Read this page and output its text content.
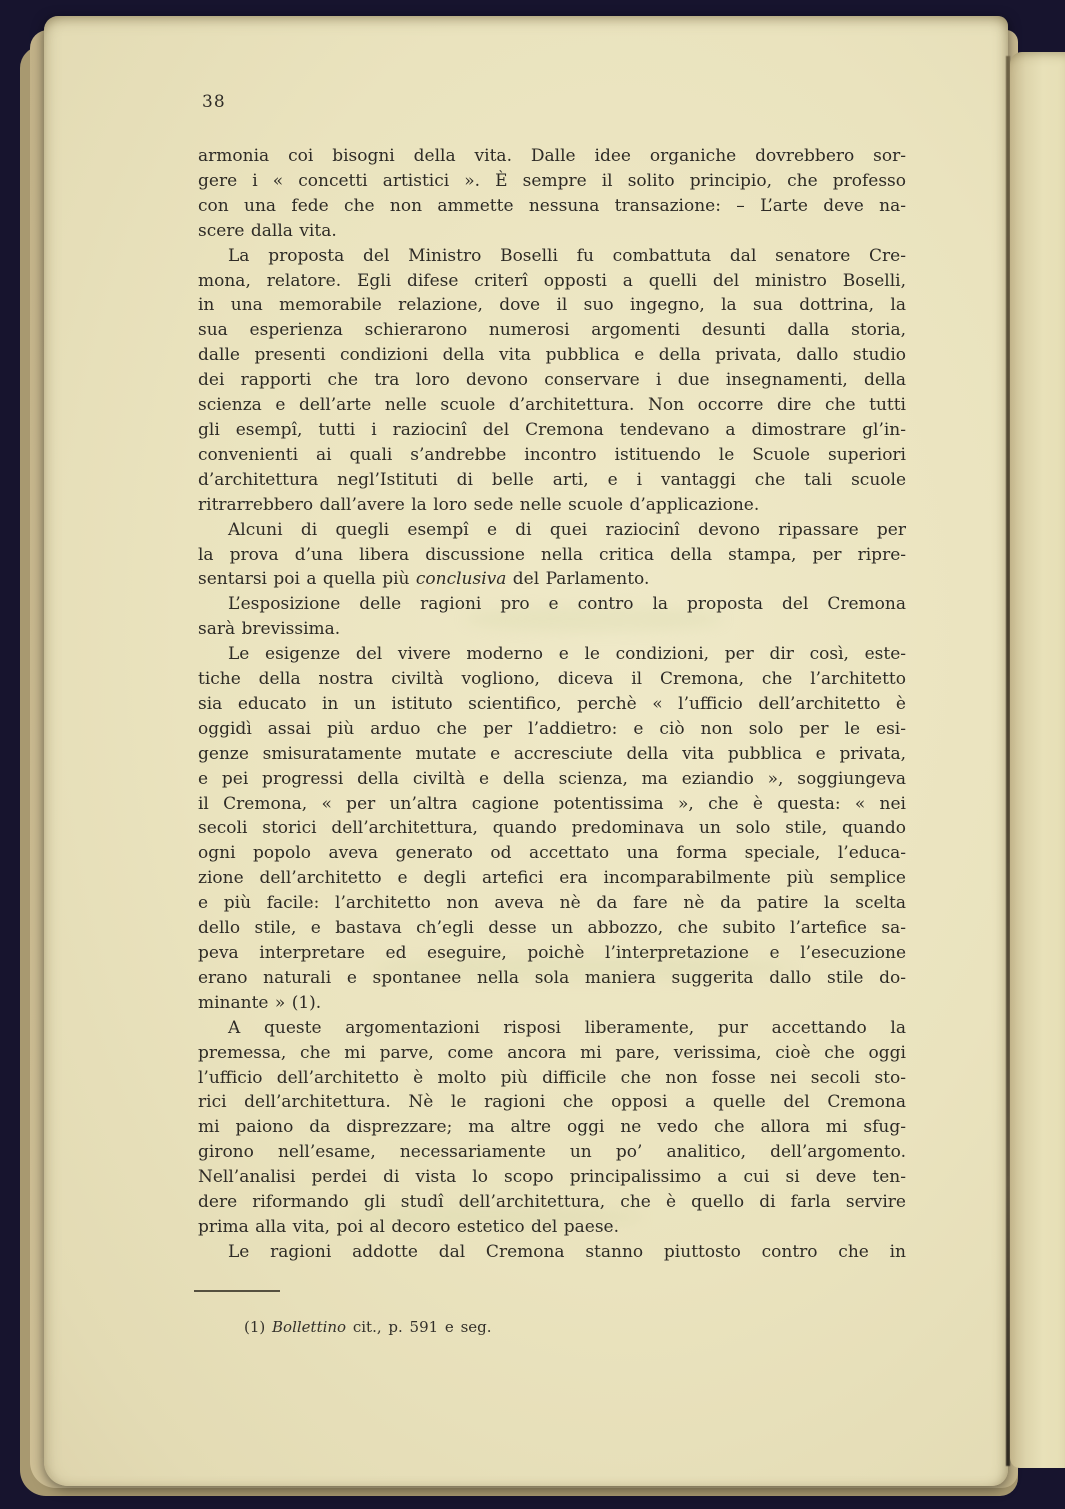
38
armonia coi bisogni della vita. Dalle idee organiche dovrebbero sor-
gere i « concetti artistici ». È sempre il solito principio, che professo
con una fede che non ammette nessuna transazione: – L’arte deve na-
scere dalla vita.
La proposta del Ministro Boselli fu combattuta dal senatore Cre-
mona, relatore. Egli difese criterî opposti a quelli del ministro Boselli,
in una memorabile relazione, dove il suo ingegno, la sua dottrina, la
sua esperienza schierarono numerosi argomenti desunti dalla storia,
dalle presenti condizioni della vita pubblica e della privata, dallo studio
dei rapporti che tra loro devono conservare i due insegnamenti, della
scienza e dell’arte nelle scuole d’architettura. Non occorre dire che tutti
gli esempî, tutti i raziocinî del Cremona tendevano a dimostrare gl’in-
convenienti ai quali s’andrebbe incontro istituendo le Scuole superiori
d’architettura negl’Istituti di belle arti, e i vantaggi che tali scuole
ritrarrebbero dall’avere la loro sede nelle scuole d’applicazione.
Alcuni di quegli esempî e di quei raziocinî devono ripassare per
la prova d’una libera discussione nella critica della stampa, per ripre-
sentarsi poi a quella più conclusiva del Parlamento.
L’esposizione delle ragioni pro e contro la proposta del Cremona
sarà brevissima.
Le esigenze del vivere moderno e le condizioni, per dir così, este-
tiche della nostra civiltà vogliono, diceva il Cremona, che l’architetto
sia educato in un istituto scientifico, perchè « l’ufficio dell’architetto è
oggidì assai più arduo che per l’addietro: e ciò non solo per le esi-
genze smisuratamente mutate e accresciute della vita pubblica e privata,
e pei progressi della civiltà e della scienza, ma eziandio », soggiungeva
il Cremona, « per un’altra cagione potentissima », che è questa: « nei
secoli storici dell’architettura, quando predominava un solo stile, quando
ogni popolo aveva generato od accettato una forma speciale, l’educa-
zione dell’architetto e degli artefici era incomparabilmente più semplice
e più facile: l’architetto non aveva nè da fare nè da patire la scelta
dello stile, e bastava ch’egli desse un abbozzo, che subito l’artefice sa-
peva interpretare ed eseguire, poichè l’interpretazione e l’esecuzione
erano naturali e spontanee nella sola maniera suggerita dallo stile do-
minante » (1).
A queste argomentazioni risposi liberamente, pur accettando la
premessa, che mi parve, come ancora mi pare, verissima, cioè che oggi
l’ufficio dell’architetto è molto più difficile che non fosse nei secoli sto-
rici dell’architettura. Nè le ragioni che opposi a quelle del Cremona
mi paiono da disprezzare; ma altre oggi ne vedo che allora mi sfug-
girono nell’esame, necessariamente un po’ analitico, dell’argomento.
Nell’analisi perdei di vista lo scopo principalissimo a cui si deve ten-
dere riformando gli studî dell’architettura, che è quello di farla servire
prima alla vita, poi al decoro estetico del paese.
Le ragioni addotte dal Cremona stanno piuttosto contro che in
(1) Bollettino cit., p. 591 e seg.
